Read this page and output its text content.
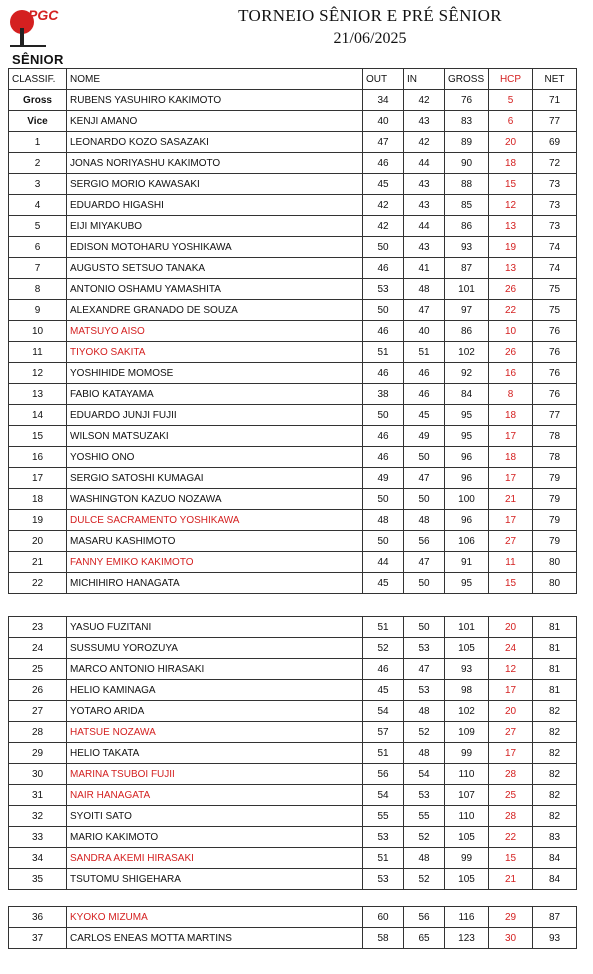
PGC	TORNEIO SÊNIOR E PRÉ SÊNIOR
21/06/2025
SÊNIOR
CLASSIF.	NOME	OUT	IN	GROSS	HCP	NET
Gross	RUBENS YASUHIRO KAKIMOTO	34	42	76	5	71
Vice	KENJI AMANO	40	43	83	6	77
1	LEONARDO KOZO SASAZAKI	47	42	89	20	69
2	JONAS NORIYASHU KAKIMOTO	46	44	90	18	72
3	SERGIO MORIO KAWASAKI	45	43	88	15	73
4	EDUARDO HIGASHI	42	43	85	12	73
5	EIJI MIYAKUBO	42	44	86	13	73
6	EDISON MOTOHARU YOSHIKAWA	50	43	93	19	74
7	AUGUSTO SETSUO TANAKA	46	41	87	13	74
8	ANTONIO OSHAMU YAMASHITA	53	48	101	26	75
9	ALEXANDRE GRANADO DE SOUZA	50	47	97	22	75
10	MATSUYO AISO	46	40	86	10	76
11	TIYOKO SAKITA	51	51	102	26	76
12	YOSHIHIDE MOMOSE	46	46	92	16	76
13	FABIO KATAYAMA	38	46	84	8	76
14	EDUARDO JUNJI FUJII	50	45	95	18	77
15	WILSON MATSUZAKI	46	49	95	17	78
16	YOSHIO ONO	46	50	96	18	78
17	SERGIO SATOSHI KUMAGAI	49	47	96	17	79
18	WASHINGTON KAZUO NOZAWA	50	50	100	21	79
19	DULCE SACRAMENTO YOSHIKAWA	48	48	96	17	79
20	MASARU KASHIMOTO	50	56	106	27	79
21	FANNY EMIKO KAKIMOTO	44	47	91	11	80
22	MICHIHIRO HANAGATA	45	50	95	15	80
23	YASUO FUZITANI	51	50	101	20	81
24	SUSSUMU YOROZUYA	52	53	105	24	81
25	MARCO ANTONIO HIRASAKI	46	47	93	12	81
26	HELIO KAMINAGA	45	53	98	17	81
27	YOTARO ARIDA	54	48	102	20	82
28	HATSUE NOZAWA	57	52	109	27	82
29	HELIO TAKATA	51	48	99	17	82
30	MARINA TSUBOI FUJII	56	54	110	28	82
31	NAIR HANAGATA	54	53	107	25	82
32	SYOITI SATO	55	55	110	28	82
33	MARIO KAKIMOTO	53	52	105	22	83
34	SANDRA AKEMI HIRASAKI	51	48	99	15	84
35	TSUTOMU SHIGEHARA	53	52	105	21	84
36	KYOKO MIZUMA	60	56	116	29	87
37	CARLOS ENEAS MOTTA MARTINS	58	65	123	30	93
